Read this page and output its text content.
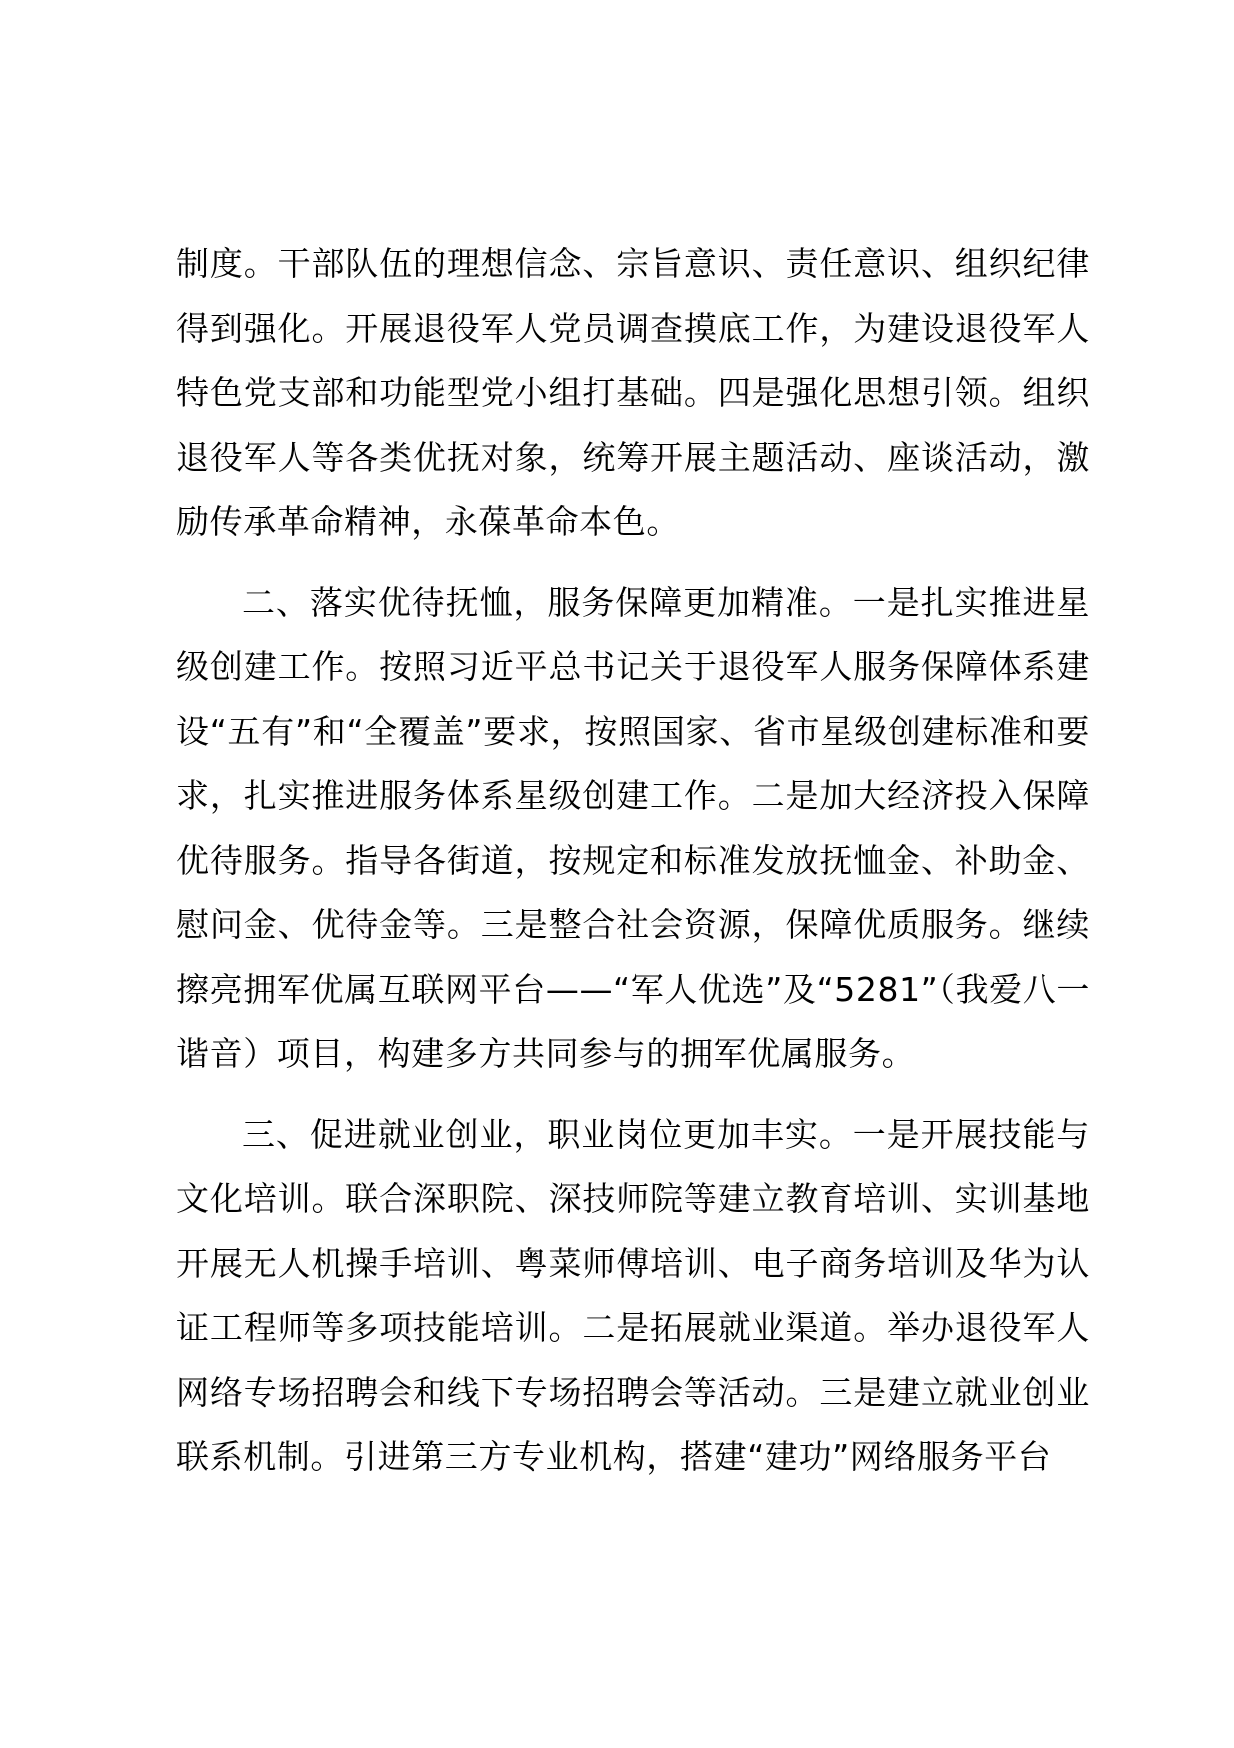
制度。干部队伍的理想信念、宗旨意识、责任意识、组织纪律得到强化。开展退役军人党员调查摸底工作，为建设退役军人特色党支部和功能型党小组打基础。四是强化思想引领。组织退役军人等各类优抚对象，统筹开展主题活动、座谈活动，激励传承革命精神，永葆革命本色。

二、落实优待抚恤，服务保障更加精准。一是扎实推进星级创建工作。按照习近平总书记关于退役军人服务保障体系建设“五有”和“全覆盖”要求，按照国家、省市星级创建标准和要求，扎实推进服务体系星级创建工作。二是加大经济投入保障优待服务。指导各街道，按规定和标准发放抚恤金、补助金、慰问金、优待金等。三是整合社会资源，保障优质服务。继续擦亮拥军优属互联网平台——“军人优选”及“5281”（我爱八一谐音）项目，构建多方共同参与的拥军优属服务。

三、促进就业创业，职业岗位更加丰实。一是开展技能与文化培训。联合深职院、深技师院等建立教育培训、实训基地开展无人机操手培训、粤菜师傅培训、电子商务培训及华为认证工程师等多项技能培训。二是拓展就业渠道。举办退役军人网络专场招聘会和线下专场招聘会等活动。三是建立就业创业联系机制。引进第三方专业机构，搭建“建功”网络服务平台
